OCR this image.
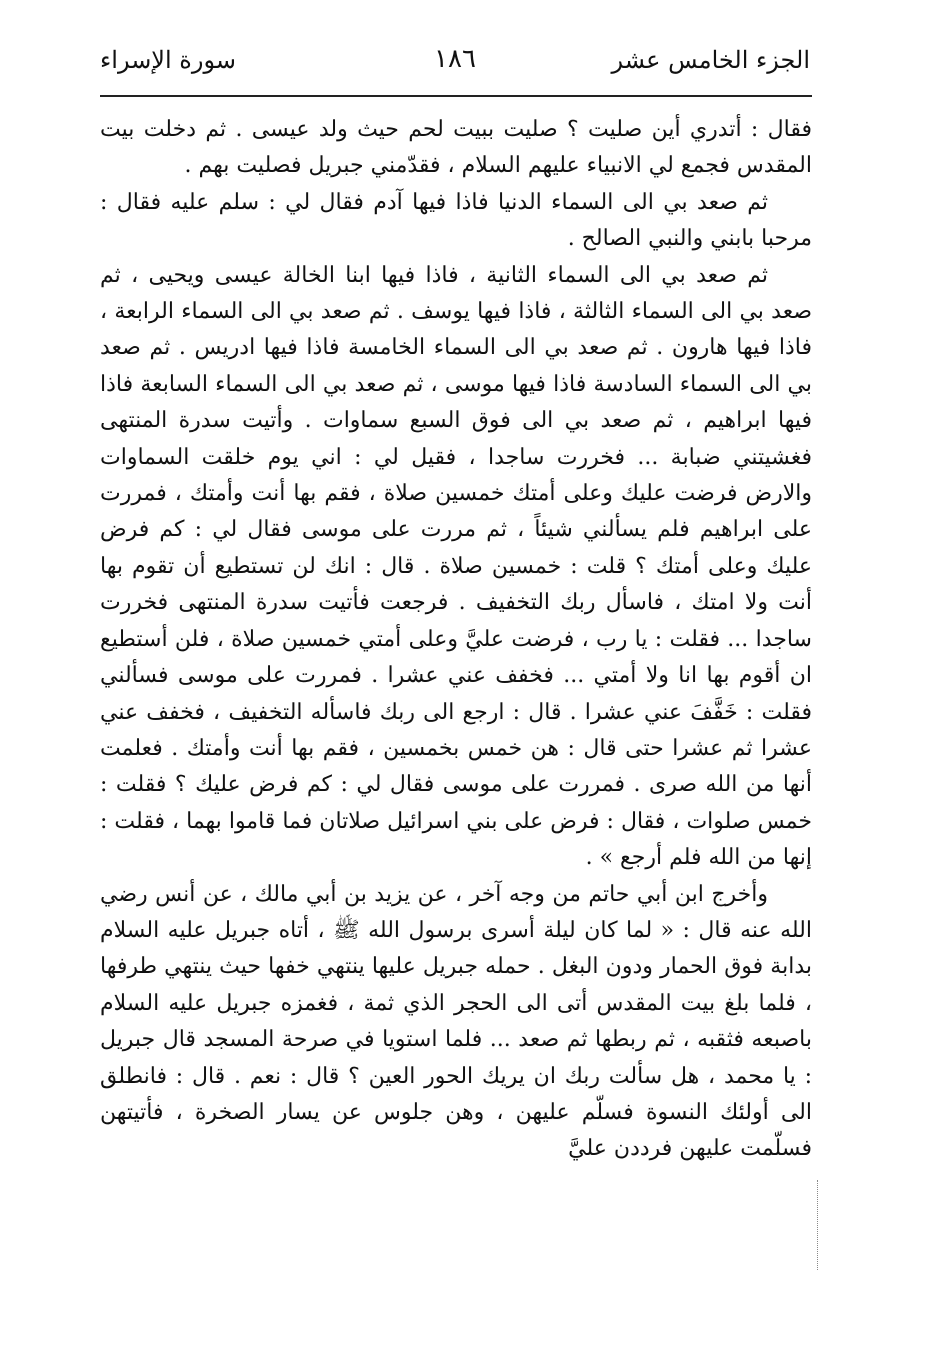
الجزء الخامس عشر
١٨٦
سورة الإسراء

فقال : أتدري أين صليت ؟ صليت ببيت لحم حيث ولد عيسى . ثم دخلت بيت المقدس فجمع لي الانبياء عليهم السلام ، فقدّمني جبريل فصليت بهم .

ثم صعد بي الى السماء الدنيا فاذا فيها آدم فقال لي : سلم عليه فقال : مرحبا بابني والنبي الصالح .

ثم صعد بي الى السماء الثانية ، فاذا فيها ابنا الخالة عيسى ويحيى ، ثم صعد بي الى السماء الثالثة ، فاذا فيها يوسف . ثم صعد بي الى السماء الرابعة ، فاذا فيها هارون . ثم صعد بي الى السماء الخامسة فاذا فيها ادريس . ثم صعد بي الى السماء السادسة فاذا فيها موسى ، ثم صعد بي الى السماء السابعة فاذا فيها ابراهيم ، ثم صعد بي الى فوق السبع سماوات . وأتيت سدرة المنتهى فغشيتني ضبابة ... فخررت ساجدا ، فقيل لي : اني يوم خلقت السماوات والارض فرضت عليك وعلى أمتك خمسين صلاة ، فقم بها أنت وأمتك ، فمررت على ابراهيم فلم يسألني شيئاً ، ثم مررت على موسى فقال لي : كم فرض عليك وعلى أمتك ؟ قلت : خمسين صلاة . قال : انك لن تستطيع أن تقوم بها أنت ولا امتك ، فاسأل ربك التخفيف . فرجعت فأتيت سدرة المنتهى فخررت ساجدا ... فقلت : يا رب ، فرضت عليَّ وعلى أمتي خمسين صلاة ، فلن أستطيع ان أقوم بها انا ولا أمتي ... فخفف عني عشرا . فمررت على موسى فسألني فقلت : خَفَّفَ عني عشرا . قال : ارجع الى ربك فاسأله التخفيف ، فخفف عني عشرا ثم عشرا حتى قال : هن خمس بخمسين ، فقم بها أنت وأمتك . فعلمت أنها من الله صرى . فمررت على موسى فقال لي : كم فرض عليك ؟ فقلت : خمس صلوات ، فقال : فرض على بني اسرائيل صلاتان فما قاموا بهما ، فقلت : إنها من الله فلم أرجع » .

وأخرج ابن أبي حاتم من وجه آخر ، عن يزيد بن أبي مالك ، عن أنس رضي الله عنه قال : « لما كان ليلة أسرى برسول الله ﷺ ، أتاه جبريل عليه السلام بدابة فوق الحمار ودون البغل . حمله جبريل عليها ينتهي خفها حيث ينتهي طرفها ، فلما بلغ بيت المقدس أتى الى الحجر الذي ثمة ، فغمزه جبريل عليه السلام باصبعه فثقبه ، ثم ربطها ثم صعد ... فلما استويا في صرحة المسجد قال جبريل : يا محمد ، هل سألت ربك ان يريك الحور العين ؟ قال : نعم . قال : فانطلق الى أولئك النسوة فسلّم عليهن ، وهن جلوس عن يسار الصخرة ، فأتيتهن فسلّمت عليهن فرددن عليَّ
